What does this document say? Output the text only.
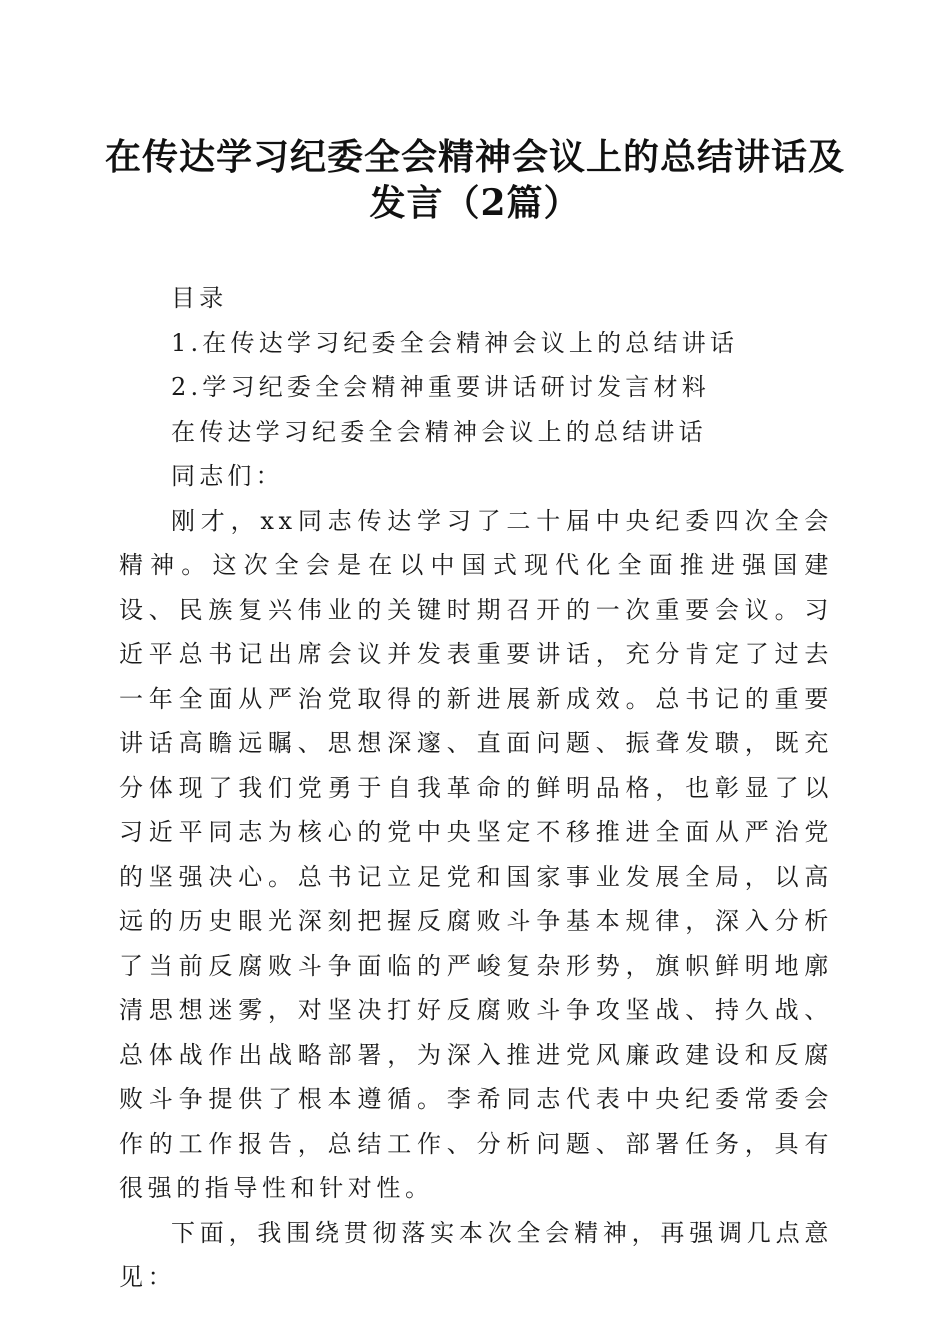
在传达学习纪委全会精神会议上的总结讲话及
发言（2篇）

目录

1.在传达学习纪委全会精神会议上的总结讲话

2.学习纪委全会精神重要讲话研讨发言材料

在传达学习纪委全会精神会议上的总结讲话

同志们：

刚才，xx同志传达学习了二十届中央纪委四次全会精神。这次全会是在以中国式现代化全面推进强国建设、民族复兴伟业的关键时期召开的一次重要会议。习近平总书记出席会议并发表重要讲话，充分肯定了过去一年全面从严治党取得的新进展新成效。总书记的重要讲话高瞻远瞩、思想深邃、直面问题、振聋发聩，既充分体现了我们党勇于自我革命的鲜明品格，也彰显了以习近平同志为核心的党中央坚定不移推进全面从严治党的坚强决心。总书记立足党和国家事业发展全局，以高远的历史眼光深刻把握反腐败斗争基本规律，深入分析了当前反腐败斗争面临的严峻复杂形势，旗帜鲜明地廓清思想迷雾，对坚决打好反腐败斗争攻坚战、持久战、总体战作出战略部署，为深入推进党风廉政建设和反腐败斗争提供了根本遵循。李希同志代表中央纪委常委会作的工作报告，总结工作、分析问题、部署任务，具有很强的指导性和针对性。

下面，我围绕贯彻落实本次全会精神，再强调几点意见：
